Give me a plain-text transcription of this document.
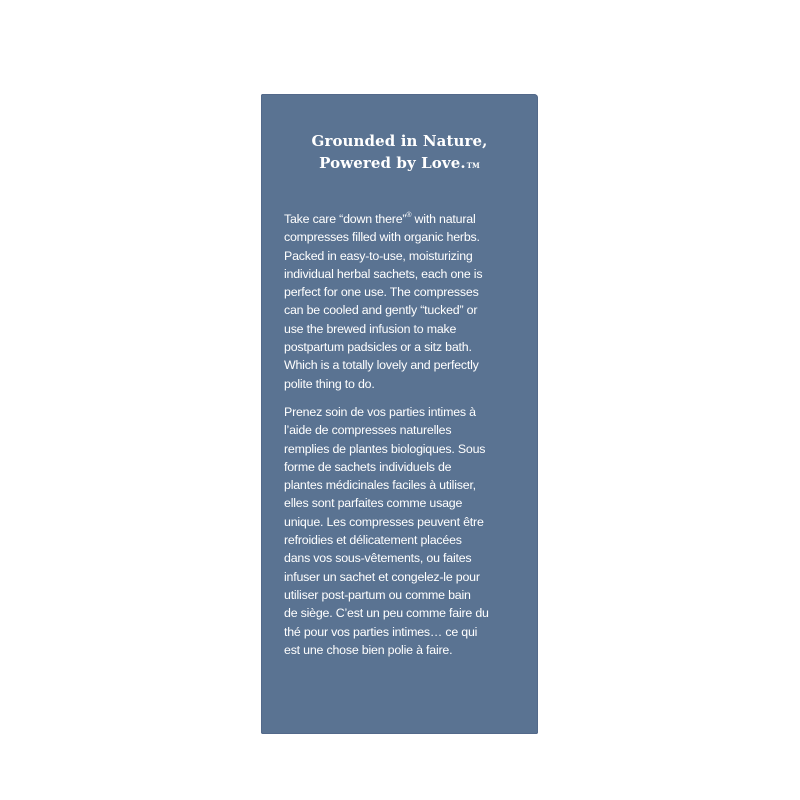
Grounded in Nature,
Powered by Love.™
Take care “down there”® with natural
compresses filled with organic herbs.
Packed in easy-to-use, moisturizing
individual herbal sachets, each one is
perfect for one use. The compresses
can be cooled and gently “tucked” or
use the brewed infusion to make
postpartum padsicles or a sitz bath.
Which is a totally lovely and perfectly
polite thing to do.
Prenez soin de vos parties intimes à
l’aide de compresses naturelles
remplies de plantes biologiques. Sous
forme de sachets individuels de
plantes médicinales faciles à utiliser,
elles sont parfaites comme usage
unique. Les compresses peuvent être
refroidies et délicatement placées
dans vos sous-vêtements, ou faites
infuser un sachet et congelez-le pour
utiliser post-partum ou comme bain
de siège. C’est un peu comme faire du
thé pour vos parties intimes… ce qui
est une chose bien polie à faire.
